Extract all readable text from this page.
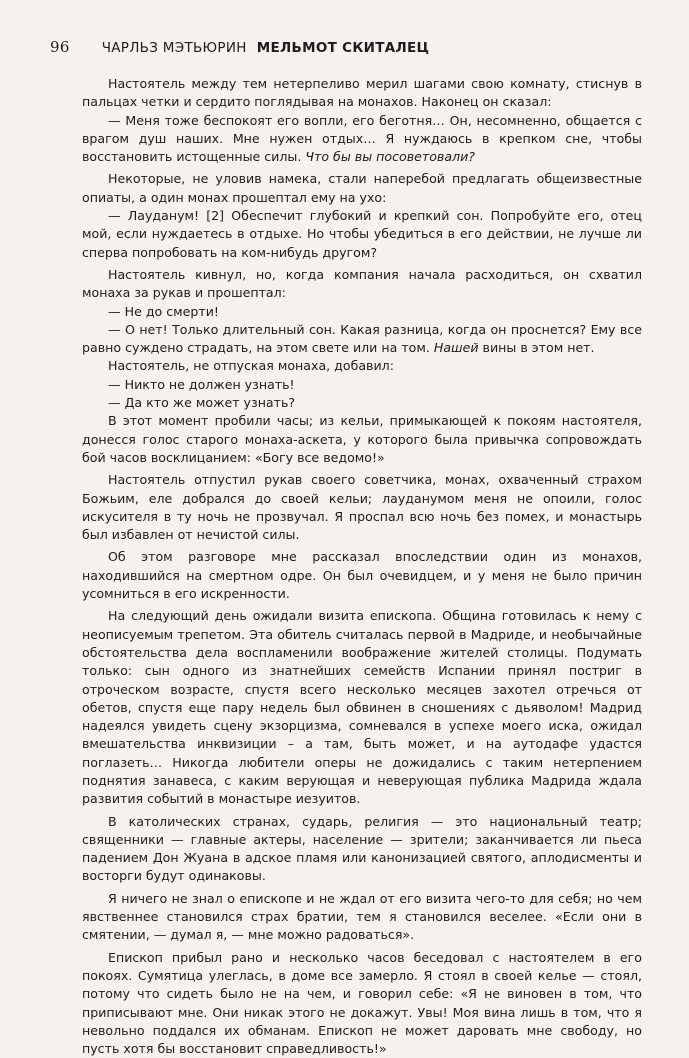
96 ЧАРЛЬЗ МЭТЬЮРИН МЕЛЬМОТ СКИТАЛЕЦ

Настоятель между тем нетерпеливо мерил шагами свою комнату, стиснув в пальцах четки и сердито поглядывая на монахов. Наконец он сказал:

— Меня тоже беспокоят его вопли, его беготня… Он, несомненно, общается с врагом душ наших. Мне нужен отдых… Я нуждаюсь в крепком сне, чтобы восстановить истощенные силы. Что бы вы посоветовали?

Некоторые, не уловив намека, стали наперебой предлагать общеизвестные опиаты, а один монах прошептал ему на ухо:

— Лауданум! [2] Обеспечит глубокий и крепкий сон. Попробуйте его, отец мой, если нуждаетесь в отдыхе. Но чтобы убедиться в его действии, не лучше ли сперва попробовать на ком-нибудь другом?

Настоятель кивнул, но, когда компания начала расходиться, он схватил монаха за рукав и прошептал:

— Не до смерти!

— О нет! Только длительный сон. Какая разница, когда он проснется? Ему все равно суждено страдать, на этом свете или на том. Нашей вины в этом нет.

Настоятель, не отпуская монаха, добавил:

— Никто не должен узнать!

— Да кто же может узнать?

В этот момент пробили часы; из кельи, примыкающей к покоям настоятеля, донесся голос старого монаха-аскета, у которого была привычка сопровождать бой часов восклицанием: «Богу все ведомо!»

Настоятель отпустил рукав своего советчика, монах, охваченный страхом Божьим, еле добрался до своей кельи; лауданумом меня не опоили, голос искусителя в ту ночь не прозвучал. Я проспал всю ночь без помех, и монастырь был избавлен от нечистой силы.

Об этом разговоре мне рассказал впоследствии один из монахов, находившийся на смертном одре. Он был очевидцем, и у меня не было причин усомниться в его искренности.

На следующий день ожидали визита епископа. Община готовилась к нему с неописуемым трепетом. Эта обитель считалась первой в Мадриде, и необычайные обстоятельства дела воспламенили воображение жителей столицы. Подумать только: сын одного из знатнейших семейств Испании принял постриг в отроческом возрасте, спустя всего несколько месяцев захотел отречься от обетов, спустя еще пару недель был обвинен в сношениях с дьяволом! Мадрид надеялся увидеть сцену экзорцизма, сомневался в успехе моего иска, ожидал вмешательства инквизиции – а там, быть может, и на аутодафе удастся поглазеть… Никогда любители оперы не дожидались с таким нетерпением поднятия занавеса, с каким верующая и неверующая публика Мадрида ждала развития событий в монастыре иезуитов.

В католических странах, сударь, религия — это национальный театр; священники — главные актеры, население — зрители; заканчивается ли пьеса падением Дон Жуана в адское пламя или канонизацией святого, аплодисменты и восторги будут одинаковы.

Я ничего не знал о епископе и не ждал от его визита чего-то для себя; но чем явственнее становился страх братии, тем я становился веселее. «Если они в смятении, — думал я, — мне можно радоваться».

Епископ прибыл рано и несколько часов беседовал с настоятелем в его покоях. Сумятица улеглась, в доме все замерло. Я стоял в своей келье — стоял, потому что сидеть было не на чем, и говорил себе: «Я не виновен в том, что приписывают мне. Они никак этого не докажут. Увы! Моя вина лишь в том, что я невольно поддался их обманам. Епископ не может даровать мне свободу, но пусть хотя бы восстановит справедливость!»
